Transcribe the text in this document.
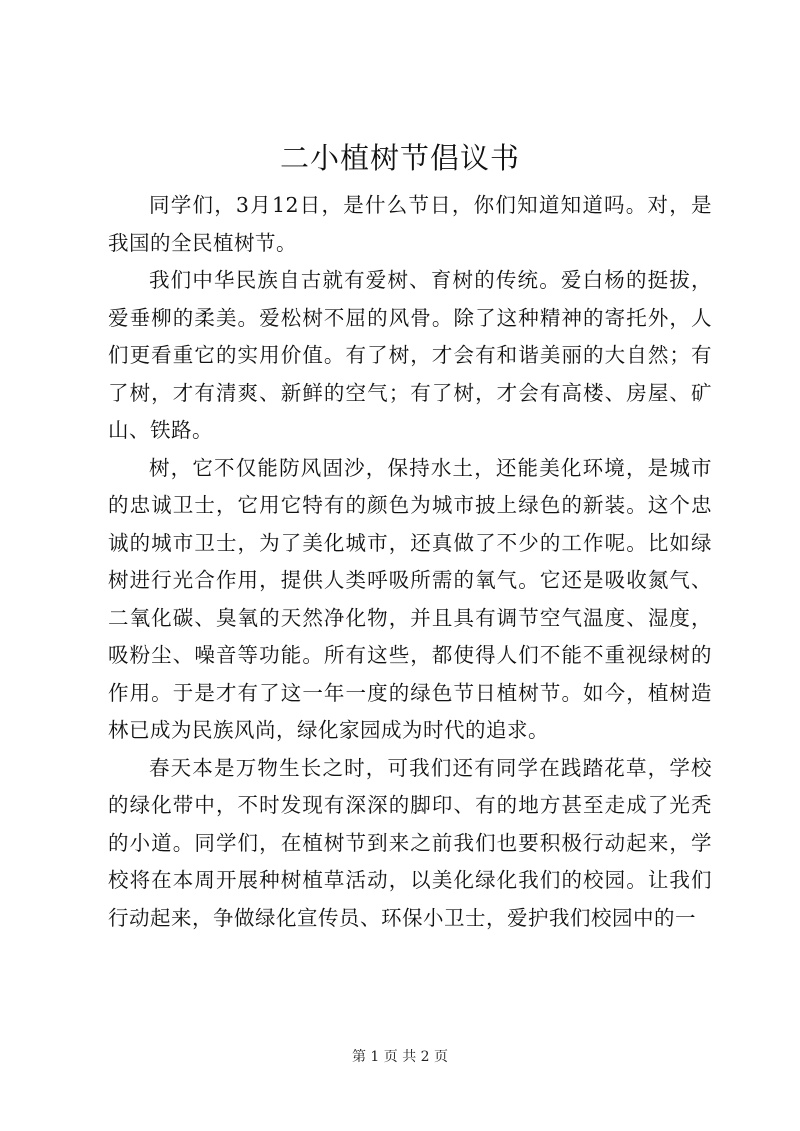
二小植树节倡议书

同学们，3月12日，是什么节日，你们知道知道吗。对，是我国的全民植树节。

我们中华民族自古就有爱树、育树的传统。爱白杨的挺拔，爱垂柳的柔美。爱松树不屈的风骨。除了这种精神的寄托外，人们更看重它的实用价值。有了树，才会有和谐美丽的大自然；有了树，才有清爽、新鲜的空气；有了树，才会有高楼、房屋、矿山、铁路。

树，它不仅能防风固沙，保持水土，还能美化环境，是城市的忠诚卫士，它用它特有的颜色为城市披上绿色的新装。这个忠诚的城市卫士，为了美化城市，还真做了不少的工作呢。比如绿树进行光合作用，提供人类呼吸所需的氧气。它还是吸收氮气、二氧化碳、臭氧的天然净化物，并且具有调节空气温度、湿度，吸粉尘、噪音等功能。所有这些，都使得人们不能不重视绿树的作用。于是才有了这一年一度的绿色节日植树节。如今，植树造林已成为民族风尚，绿化家园成为时代的追求。

春天本是万物生长之时，可我们还有同学在践踏花草，学校的绿化带中，不时发现有深深的脚印、有的地方甚至走成了光秃的小道。同学们，在植树节到来之前我们也要积极行动起来，学校将在本周开展种树植草活动，以美化绿化我们的校园。让我们行动起来，争做绿化宣传员、环保小卫士，爱护我们校园中的一

第 1 页 共 2 页
